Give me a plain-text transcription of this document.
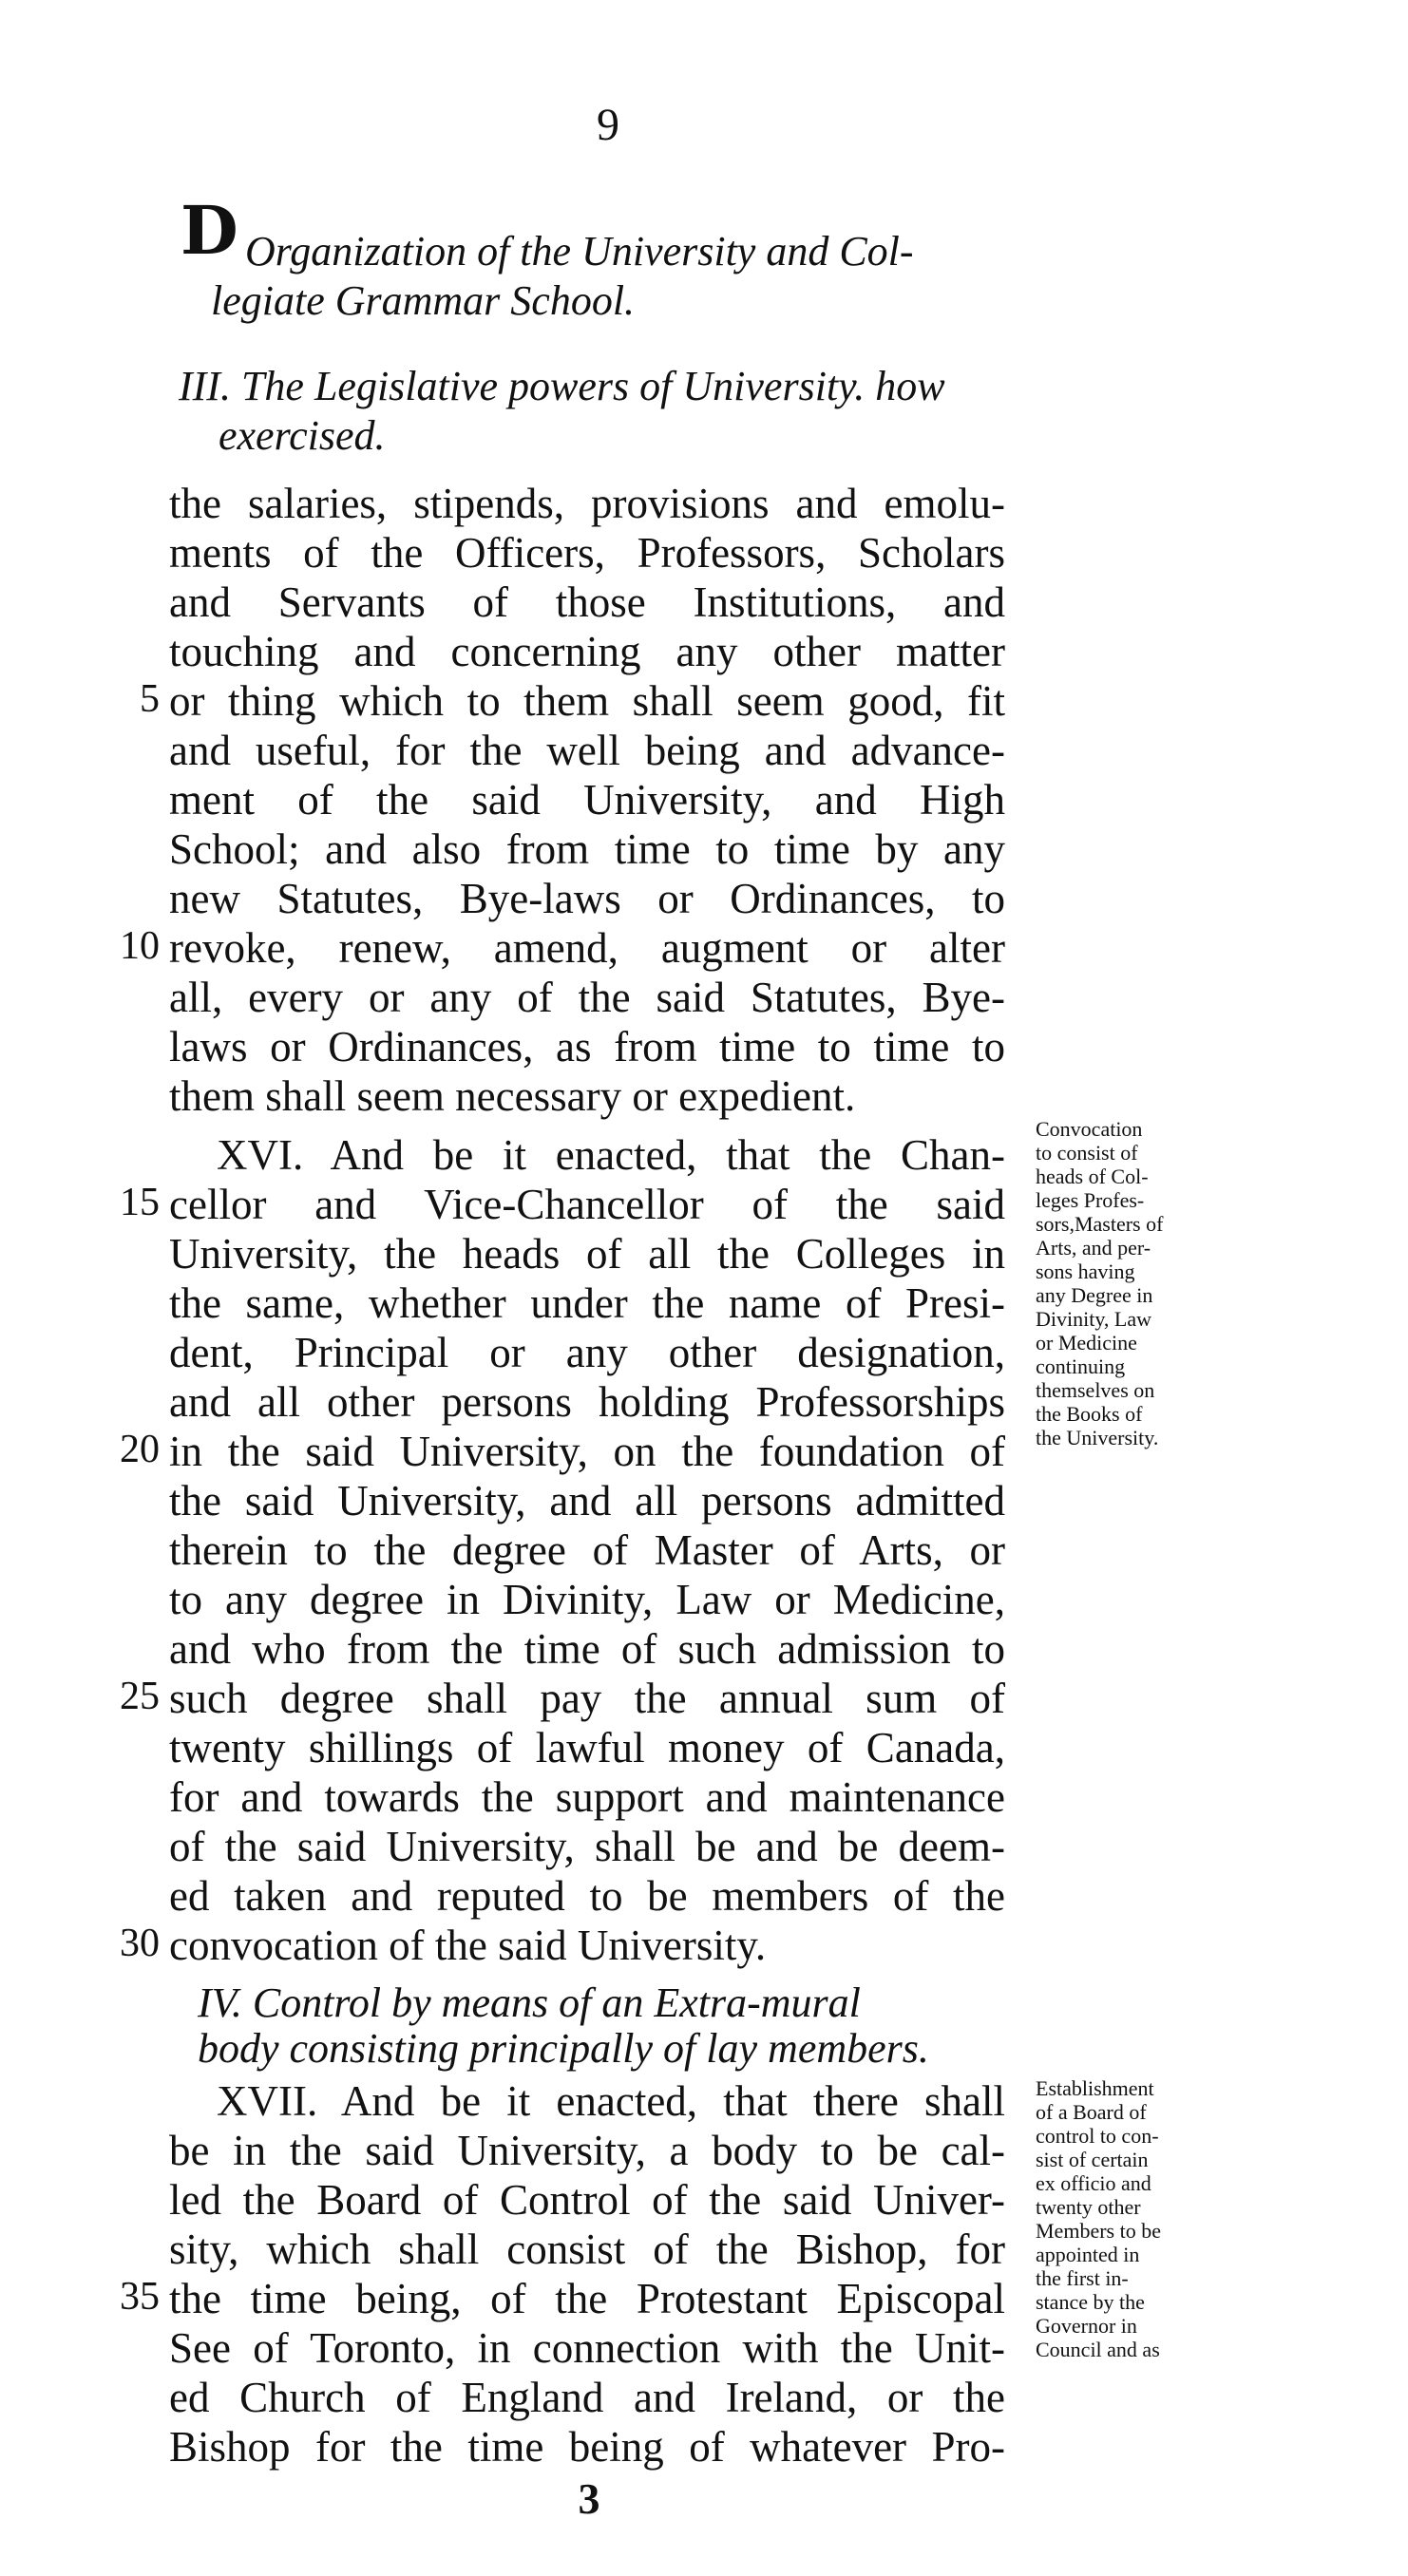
9
D Organization of the University and Col-
legiate Grammar School.
III. The Legislative powers of University. how
exercised.
the salaries, stipends, provisions and emolu-
ments of the Officers, Professors, Scholars
and Servants of those Institutions, and
touching and concerning any other matter
or thing which to them shall seem good, fit
and useful, for the well being and advance-
ment of the said University, and High
School; and also from time to time by any
new Statutes, Bye-laws or Ordinances, to
revoke, renew, amend, augment or alter
all, every or any of the said Statutes, Bye-
laws or Ordinances, as from time to time to
them shall seem necessary or expedient.
XVI. And be it enacted, that the Chan-
cellor and Vice-Chancellor of the said
University, the heads of all the Colleges in
the same, whether under the name of Presi-
dent, Principal or any other designation,
and all other persons holding Professorships
in the said University, on the foundation of
the said University, and all persons admitted
therein to the degree of Master of Arts, or
to any degree in Divinity, Law or Medicine,
and who from the time of such admission to
such degree shall pay the annual sum of
twenty shillings of lawful money of Canada,
for and towards the support and maintenance
of the said University, shall be and be deem-
IV. Control by means of an Extra-mural
body consisting principally of lay members.
5
10
15
20
25
30
35
3
ed taken and reputed to be members of the
convocation of the said University.
XVII. And be it enacted, that there shall
be in the said University, a body to be cal-
led the Board of Control of the said Univer-
sity, which shall consist of the Bishop, for
the time being, of the Protestant Episcopal
See of Toronto, in connection with the Unit-
ed Church of England and Ireland, or the
Bishop for the time being of whatever Pro-
Convocation
to consist of
heads of Col-
leges Profes-
sors,Masters of
Arts, and per-
sons having
any Degree in
Divinity, Law
or Medicine
continuing
themselves on
the Books of
the University.
Establishment
of a Board of
control to con-
sist of certain
ex officio and
twenty other
Members to be
appointed in
the first in-
stance by the
Governor in
Council and as
